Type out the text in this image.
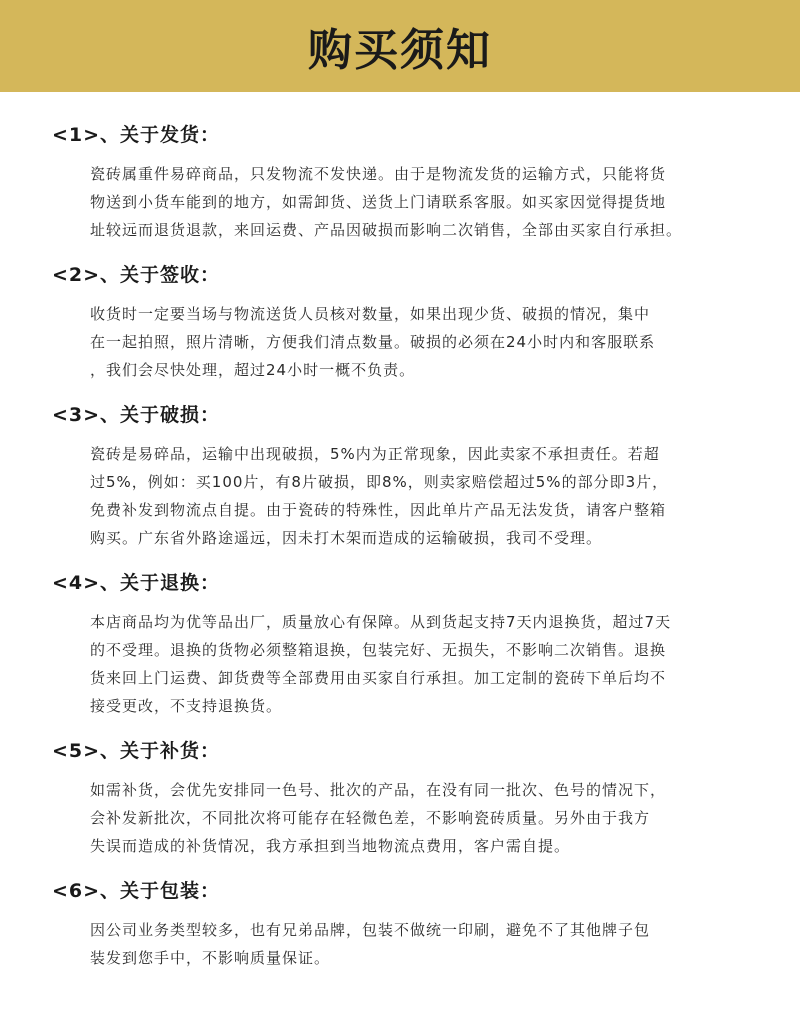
购买须知
<1>、关于发货：
瓷砖属重件易碎商品，只发物流不发快递。由于是物流发货的运输方式，只能将货
物送到小货车能到的地方，如需卸货、送货上门请联系客服。如买家因觉得提货地
址较远而退货退款，来回运费、产品因破损而影响二次销售，全部由买家自行承担。
<2>、关于签收：
收货时一定要当场与物流送货人员核对数量，如果出现少货、破损的情况，集中
在一起拍照，照片清晰，方便我们清点数量。破损的必须在24小时内和客服联系
，我们会尽快处理，超过24小时一概不负责。
<3>、关于破损：
瓷砖是易碎品，运输中出现破损，5%内为正常现象，因此卖家不承担责任。若超
过5%，例如：买100片，有8片破损，即8%，则卖家赔偿超过5%的部分即3片，
免费补发到物流点自提。由于瓷砖的特殊性，因此单片产品无法发货，请客户整箱
购买。广东省外路途遥远，因未打木架而造成的运输破损，我司不受理。
<4>、关于退换：
本店商品均为优等品出厂，质量放心有保障。从到货起支持7天内退换货，超过7天
的不受理。退换的货物必须整箱退换，包装完好、无损失，不影响二次销售。退换
货来回上门运费、卸货费等全部费用由买家自行承担。加工定制的瓷砖下单后均不
接受更改，不支持退换货。
<5>、关于补货：
如需补货，会优先安排同一色号、批次的产品，在没有同一批次、色号的情况下，
会补发新批次，不同批次将可能存在轻微色差，不影响瓷砖质量。另外由于我方
失误而造成的补货情况，我方承担到当地物流点费用，客户需自提。
<6>、关于包装：
因公司业务类型较多，也有兄弟品牌，包装不做统一印刷，避免不了其他牌子包
装发到您手中，不影响质量保证。
